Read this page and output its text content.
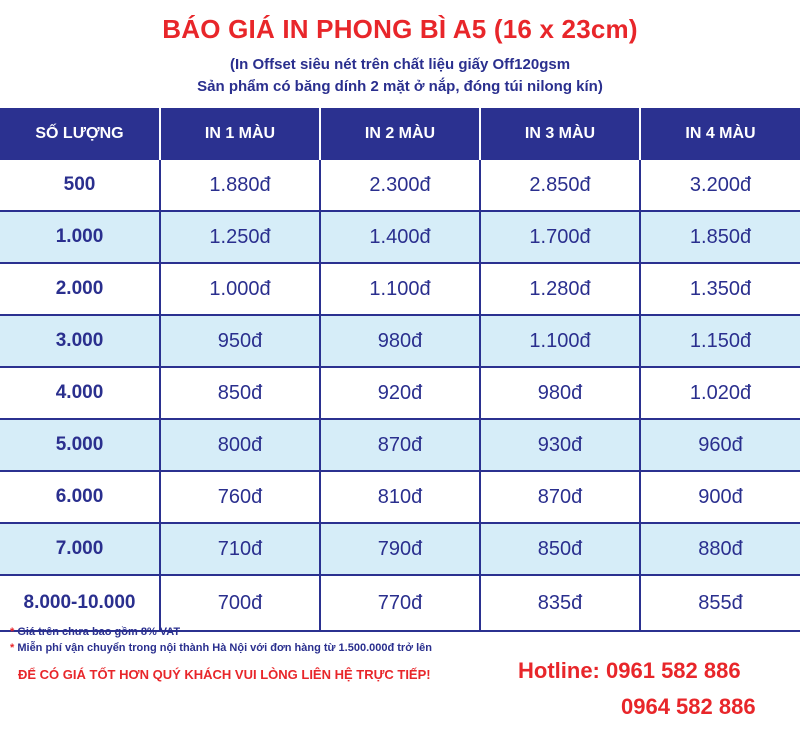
BÁO GIÁ IN PHONG BÌ A5 (16 x 23cm)
(In Offset siêu nét trên chất liệu giấy Off120gsm
Sản phẩm có băng dính 2 mặt ở nắp, đóng túi nilong kín)
SỐ LƯỢNG	IN 1 MÀU	IN 2 MÀU	IN 3 MÀU	IN 4 MÀU
500	1.880đ	2.300đ	2.850đ	3.200đ
1.000	1.250đ	1.400đ	1.700đ	1.850đ
2.000	1.000đ	1.100đ	1.280đ	1.350đ
3.000	950đ	980đ	1.100đ	1.150đ
4.000	850đ	920đ	980đ	1.020đ
5.000	800đ	870đ	930đ	960đ
6.000	760đ	810đ	870đ	900đ
7.000	710đ	790đ	850đ	880đ
8.000-10.000	700đ	770đ	835đ	855đ
* Giá trên chưa bao gồm 8% VAT
* Miễn phí vận chuyển trong nội thành Hà Nội với đơn hàng từ 1.500.000đ trở lên
ĐỂ CÓ GIÁ TỐT HƠN QUÝ KHÁCH VUI LÒNG LIÊN HỆ TRỰC TIẾP!	Hotline: 0961 582 886
0964 582 886
